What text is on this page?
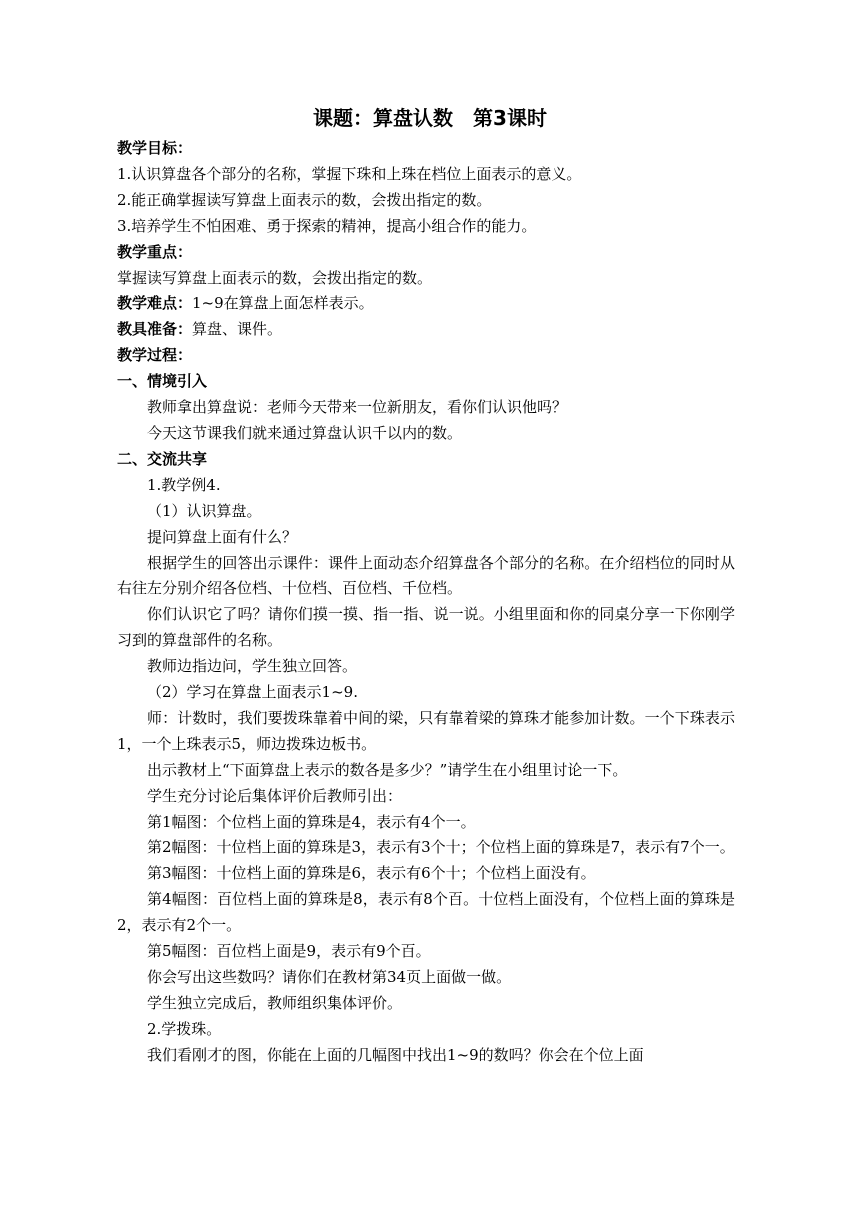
课题：算盘认数　第3课时

教学目标：

1.认识算盘各个部分的名称，掌握下珠和上珠在档位上面表示的意义。

2.能正确掌握读写算盘上面表示的数，会拨出指定的数。

3.培养学生不怕困难、勇于探索的精神，提高小组合作的能力。

教学重点：

掌握读写算盘上面表示的数，会拨出指定的数。

教学难点：1~9在算盘上面怎样表示。

教具准备：算盘、课件。

教学过程：

一、情境引入

教师拿出算盘说：老师今天带来一位新朋友，看你们认识他吗？

今天这节课我们就来通过算盘认识千以内的数。

二、交流共享

1.教学例4.

（1）认识算盘。

提问算盘上面有什么？

根据学生的回答出示课件：课件上面动态介绍算盘各个部分的名称。在介绍档位的同时从右往左分别介绍各位档、十位档、百位档、千位档。

你们认识它了吗？请你们摸一摸、指一指、说一说。小组里面和你的同桌分享一下你刚学习到的算盘部件的名称。

教师边指边问，学生独立回答。

（2）学习在算盘上面表示1~9.

师：计数时，我们要拨珠靠着中间的梁，只有靠着梁的算珠才能参加计数。一个下珠表示1，一个上珠表示5，师边拨珠边板书。

出示教材上“下面算盘上表示的数各是多少？”请学生在小组里讨论一下。

学生充分讨论后集体评价后教师引出：

第1幅图：个位档上面的算珠是4，表示有4个一。

第2幅图：十位档上面的算珠是3，表示有3个十；个位档上面的算珠是7，表示有7个一。

第3幅图：十位档上面的算珠是6，表示有6个十；个位档上面没有。

第4幅图：百位档上面的算珠是8，表示有8个百。十位档上面没有，个位档上面的算珠是2，表示有2个一。

第5幅图：百位档上面是9，表示有9个百。

你会写出这些数吗？请你们在教材第34页上面做一做。

学生独立完成后，教师组织集体评价。

2.学拨珠。

我们看刚才的图，你能在上面的几幅图中找出1~9的数吗？你会在个位上面
